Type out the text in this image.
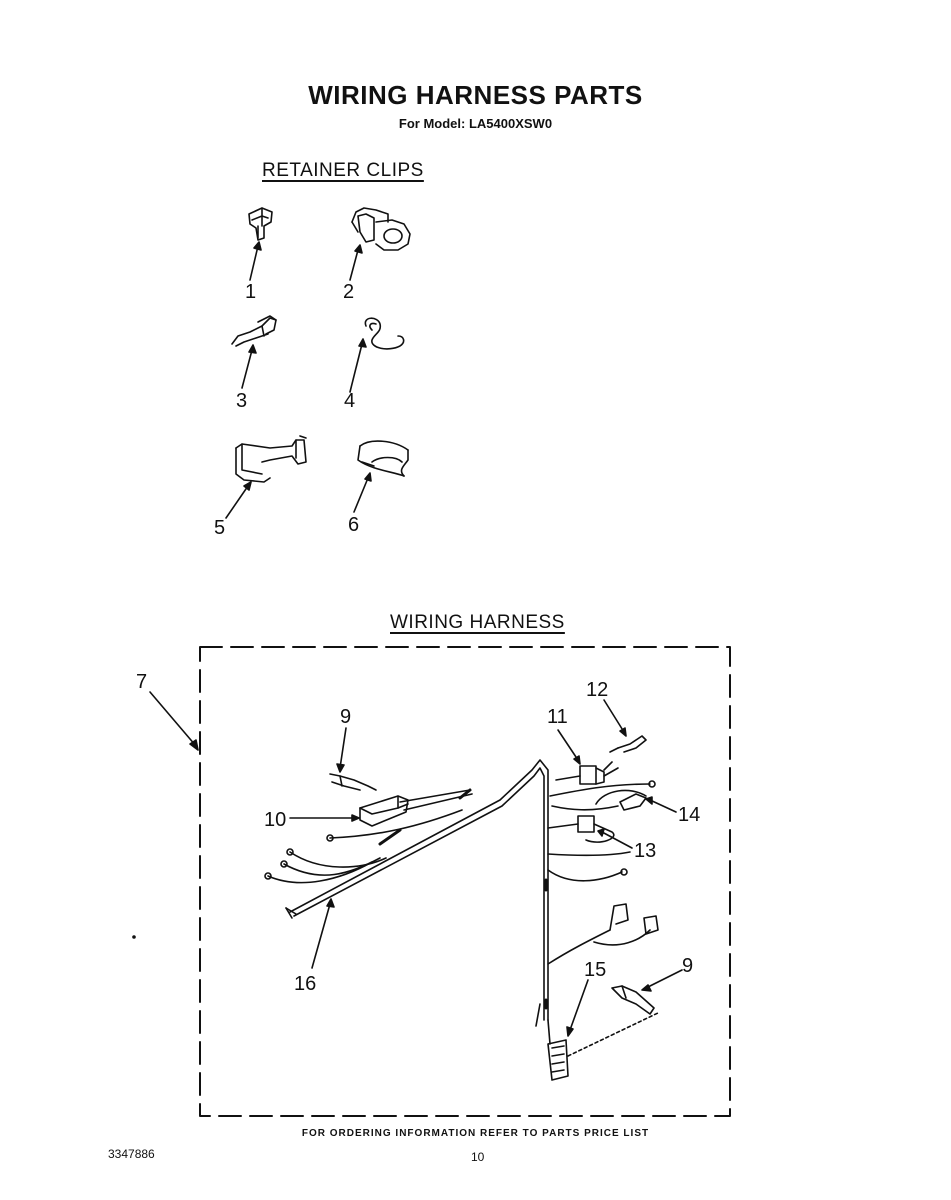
WIRING HARNESS PARTS
For Model: LA5400XSW0
RETAINER CLIPS
WIRING HARNESS
1	2
3	4
5	6
7
9
10
11
12
13
14
15
16
9
FOR ORDERING INFORMATION REFER TO PARTS PRICE LIST
3347886	10
